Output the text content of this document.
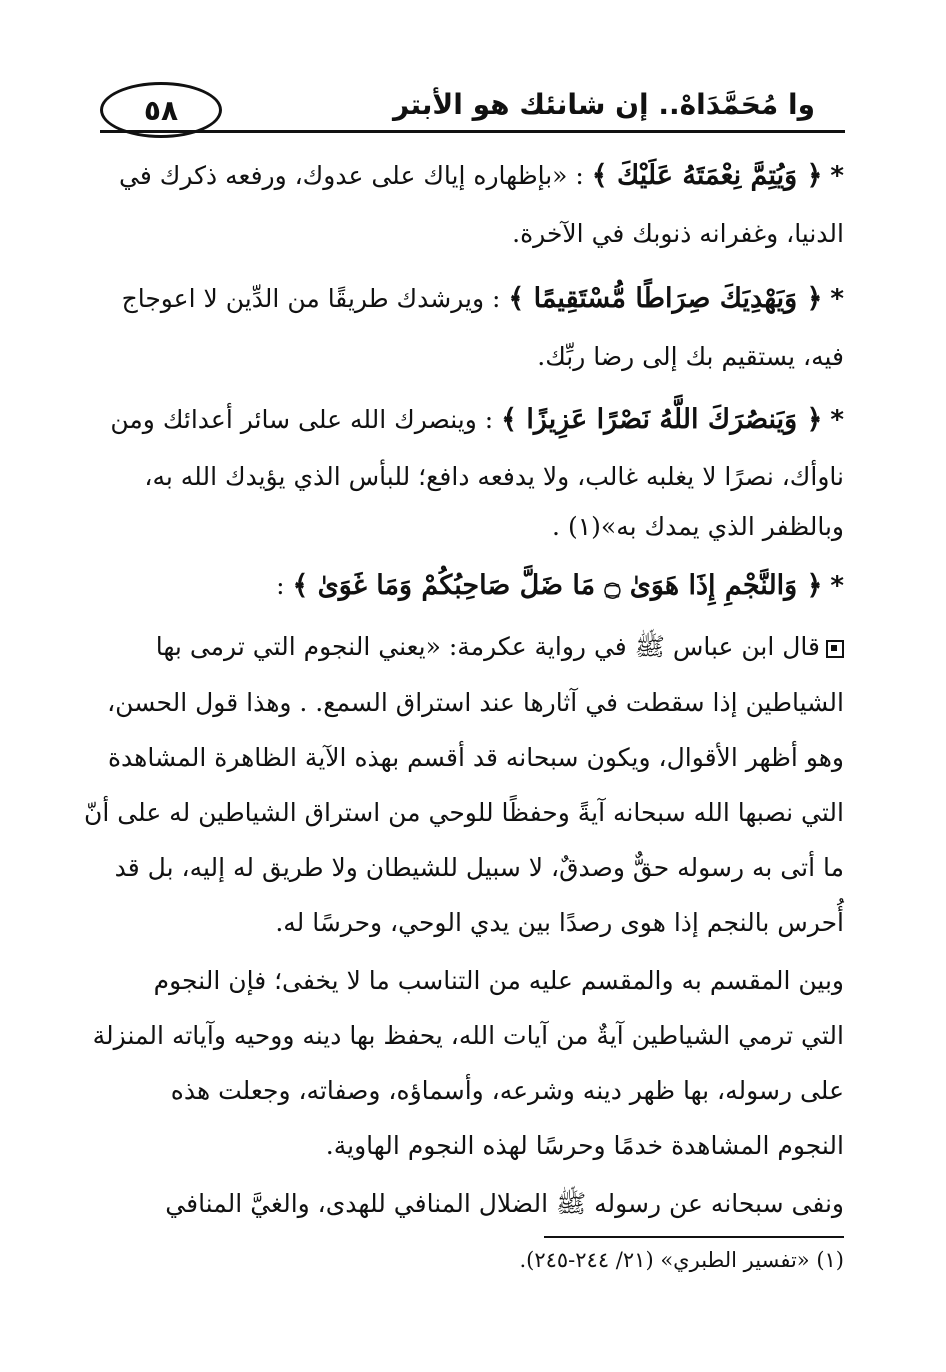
٥٨	وا مُحَمَّدَاهْ.. إن شانئك هو الأبتر
* ﴿ وَيُتِمَّ نِعْمَتَهُ عَلَيْكَ ﴾ : «بإظهاره إياك على عدوك، ورفعه ذكرك في
الدنيا، وغفرانه ذنوبك في الآخرة.
* ﴿ وَيَهْدِيَكَ صِرَاطًا مُّسْتَقِيمًا ﴾ : ويرشدك طريقًا من الدِّين لا اعوجاج
فيه، يستقيم بك إلى رضا ربِّك.
* ﴿ وَيَنصُرَكَ اللَّهُ نَصْرًا عَزِيزًا ﴾ : وينصرك الله على سائر أعدائك ومن
ناوأك، نصرًا لا يغلبه غالب، ولا يدفعه دافع؛ للبأس الذي يؤيدك الله به،
وبالظفر الذي يمدك به»(١) .
* ﴿ وَالنَّجْمِ إِذَا هَوَىٰ ۝ مَا ضَلَّ صَاحِبُكُمْ وَمَا غَوَىٰ ﴾ :
قال ابن عباس ﷺ في رواية عكرمة: «يعني النجوم التي ترمى بها
الشياطين إذا سقطت في آثارها عند استراق السمع. . وهذا قول الحسن،
وهو أظهر الأقوال، ويكون سبحانه قد أقسم بهذه الآية الظاهرة المشاهدة
التي نصبها الله سبحانه آيةً وحفظًا للوحي من استراق الشياطين له على أنّ
ما أتى به رسوله حقٌّ وصدقٌ، لا سبيل للشيطان ولا طريق له إليه، بل قد
أُحرس بالنجم إذا هوى رصدًا بين يدي الوحي، وحرسًا له.
وبين المقسم به والمقسم عليه من التناسب ما لا يخفى؛ فإن النجوم
التي ترمي الشياطين آيةٌ من آيات الله، يحفظ بها دينه ووحيه وآياته المنزلة
على رسوله، بها ظهر دينه وشرعه، وأسماؤه، وصفاته، وجعلت هذه
النجوم المشاهدة خدمًا وحرسًا لهذه النجوم الهاوية.
ونفى سبحانه عن رسوله ﷺ الضلال المنافي للهدى، والغيَّ المنافي
(١) «تفسير الطبري» (٢١/ ٢٤٤-٢٤٥).
